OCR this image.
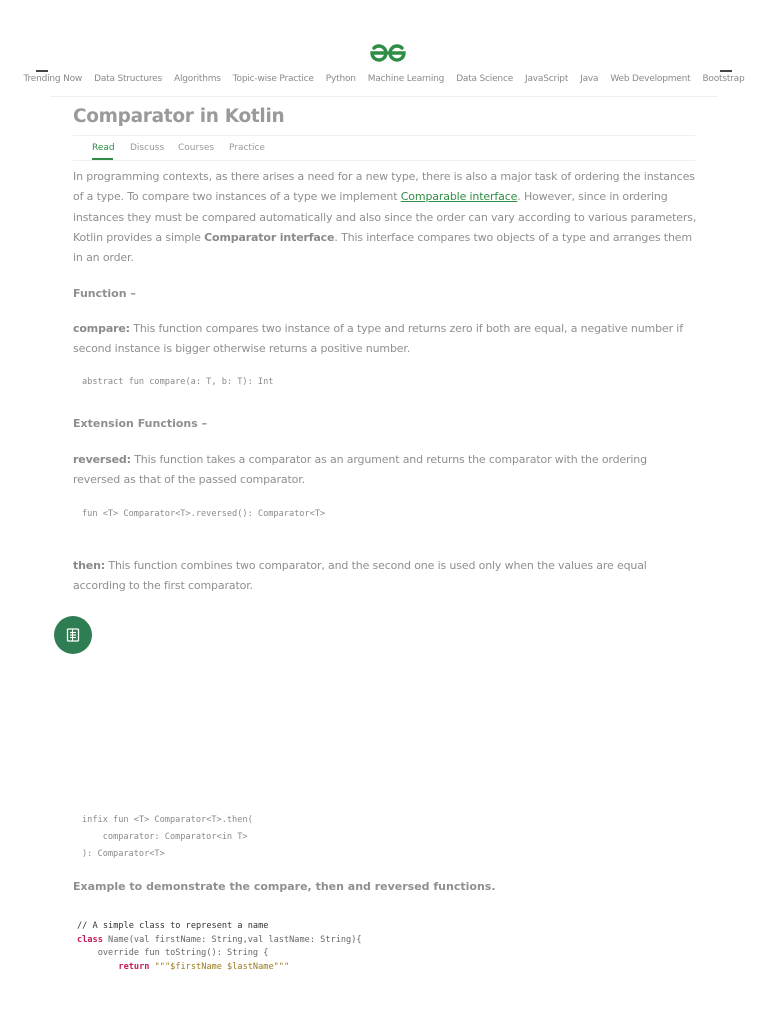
Trending Now Data Structures Algorithms Topic-wise Practice Python Machine Learning Data Science JavaScript Java Web Development Bootstrap
Comparator in Kotlin
Read Discuss Courses Practice

In programming contexts, as there arises a need for a new type, there is also a major task of ordering the instances of a type. To compare two instances of a type we implement Comparable interface. However, since in ordering instances they must be compared automatically and also since the order can vary according to various parameters, Kotlin provides a simple Comparator interface. This interface compares two objects of a type and arranges them in an order.

Function –

compare: This function compares two instance of a type and returns zero if both are equal, a negative number if second instance is bigger otherwise returns a positive number.

abstract fun compare(a: T, b: T): Int
Extension Functions –

reversed: This function takes a comparator as an argument and returns the comparator with the ordering reversed as that of the passed comparator.

fun <T> Comparator<T>.reversed(): Comparator<T>

then: This function combines two comparator, and the second one is used only when the values are equal according to the first comparator.

infix fun <T> Comparator<T>.then(
comparator: Comparator<in T>
): Comparator<T>
Example to demonstrate the compare, then and reversed functions.
// A simple class to represent a name
class Name(val firstName: String,val lastName: String){
override fun toString(): String {
return """$firstName $lastName"""
